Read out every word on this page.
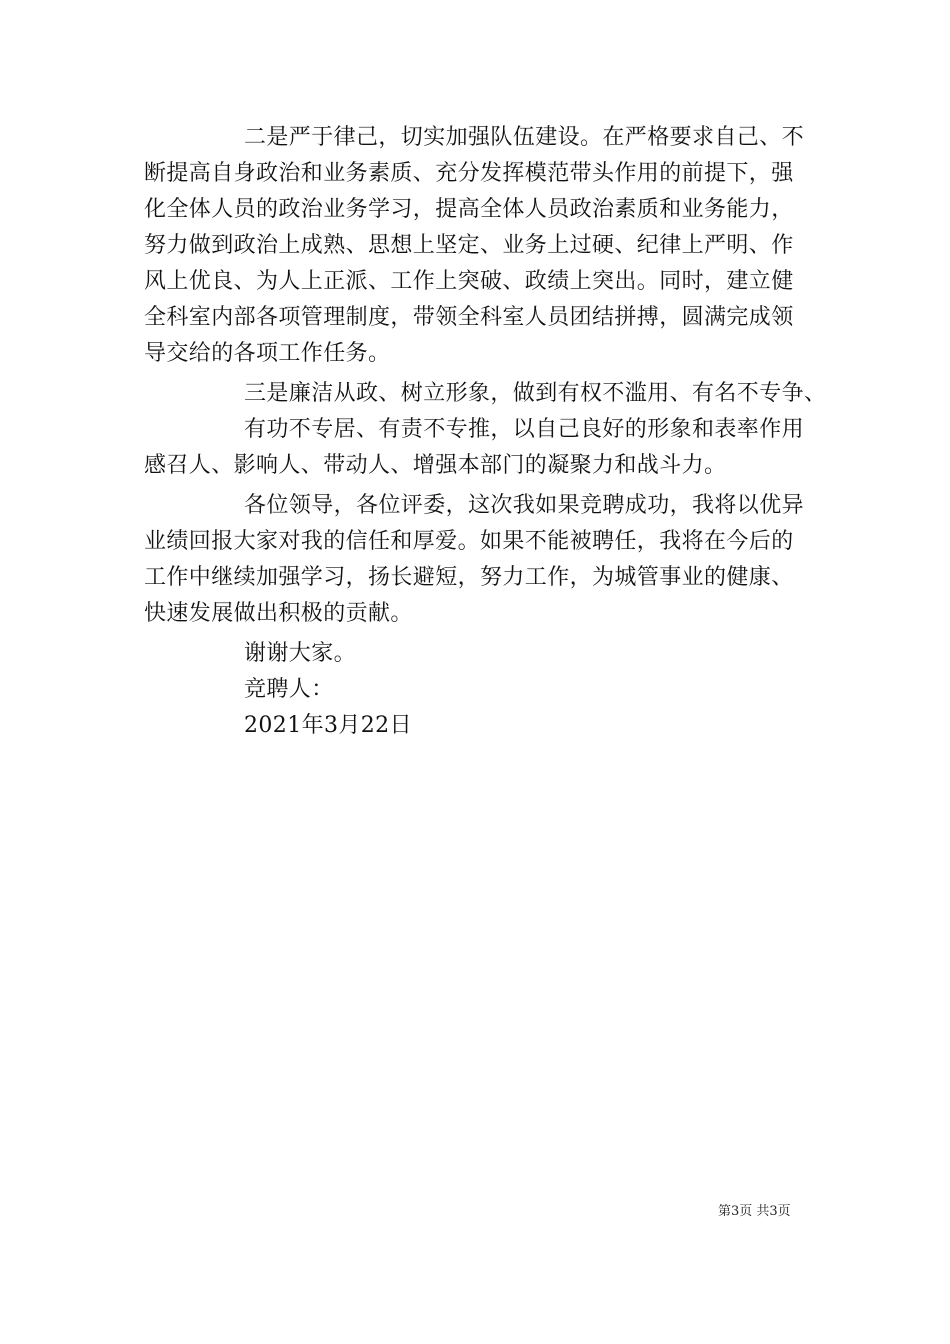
二是严于律己，切实加强队伍建设。在严格要求自己、不
断提高自身政治和业务素质、充分发挥模范带头作用的前提下，强
化全体人员的政治业务学习，提高全体人员政治素质和业务能力，
努力做到政治上成熟、思想上坚定、业务上过硬、纪律上严明、作
风上优良、为人上正派、工作上突破、政绩上突出。同时，建立健
全科室内部各项管理制度，带领全科室人员团结拼搏，圆满完成领
导交给的各项工作任务。
三是廉洁从政、树立形象，做到有权不滥用、有名不专争、
有功不专居、有责不专推，以自己良好的形象和表率作用
感召人、影响人、带动人、增强本部门的凝聚力和战斗力。
各位领导，各位评委，这次我如果竞聘成功，我将以优异
业绩回报大家对我的信任和厚爱。如果不能被聘任，我将在今后的
工作中继续加强学习，扬长避短，努力工作，为城管事业的健康、
快速发展做出积极的贡献。
谢谢大家。
竞聘人：
2021年3月22日
第3页 共3页
